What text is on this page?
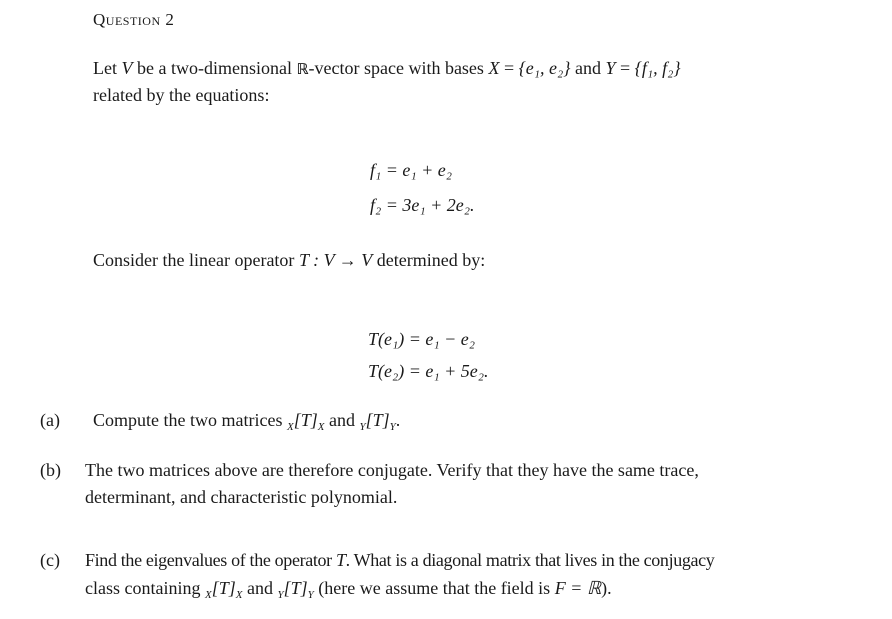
Question 2
Let V be a two-dimensional ℝ-vector space with bases X = {e₁, e₂} and Y = {f₁, f₂}
related by the equations:
f₁ = e₁ + e₂
f₂ = 3e₁ + 2e₂.
Consider the linear operator T : V → V determined by:
T(e₁) = e₁ − e₂
T(e₂) = e₁ + 5e₂.
(a) Compute the two matrices $_X[T]_X$ and $_Y[T]_Y$.
(b) The two matrices above are therefore conjugate. Verify that they have the same trace,
determinant, and characteristic polynomial.
(c) Find the eigenvalues of the operator T. What is a diagonal matrix that lives in the conjugacy
class containing $_X[T]_X$ and $_Y[T]_Y$ (here we assume that the field is F = ℝ).
